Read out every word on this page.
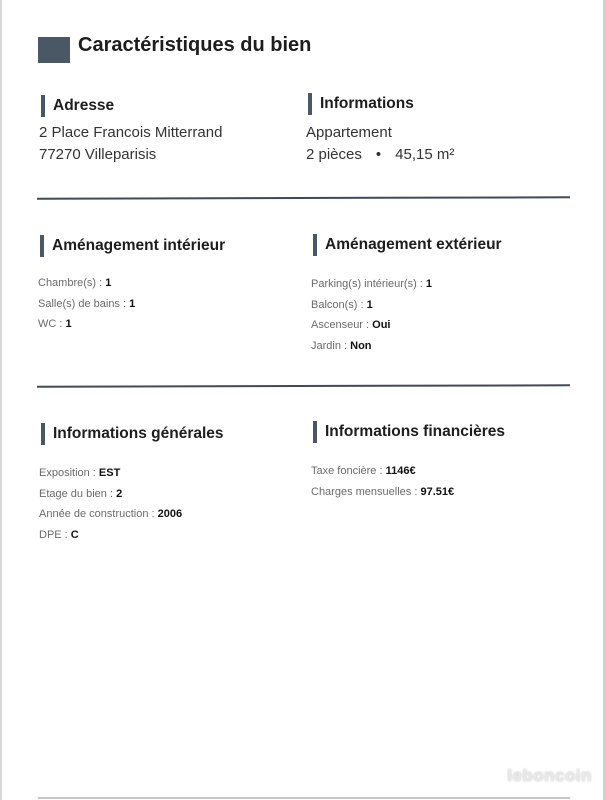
Caractéristiques du bien
Adresse
2 Place Francois Mitterrand
77270 Villeparisis
Informations
Appartement
2 pièces • 45,15 m²
Aménagement intérieur
Chambre(s) : 1
Salle(s) de bains : 1
WC : 1
Aménagement extérieur
Parking(s) intérieur(s) : 1
Balcon(s) : 1
Ascenseur : Oui
Jardin : Non
Informations générales
Exposition : EST
Etage du bien : 2
Année de construction : 2006
DPE : C
Informations financières
Taxe foncière : 1146€
Charges mensuelles : 97.51€
leboncoin
